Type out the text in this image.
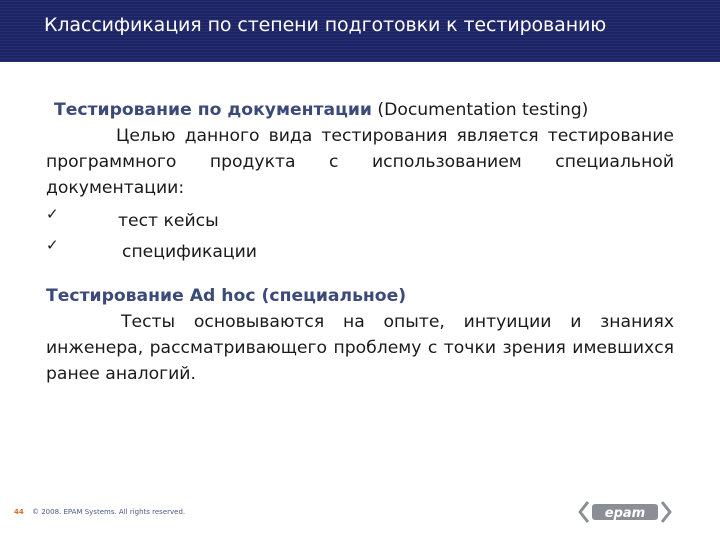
Классификация по степени подготовки к тестированию

Тестирование по документации (Documentation testing)

Целью данного вида тестирования является тестирование программного продукта с использованием специальной документации:

✓	тест кейсы
✓	спецификации

Тестирование Ad hoc (специальное)

Тесты основываются на опыте, интуиции и знаниях инженера, рассматривающего проблему с точки зрения имевшихся ранее аналогий.

44 © 2008. EPAM Systems. All rights reserved.	epam
